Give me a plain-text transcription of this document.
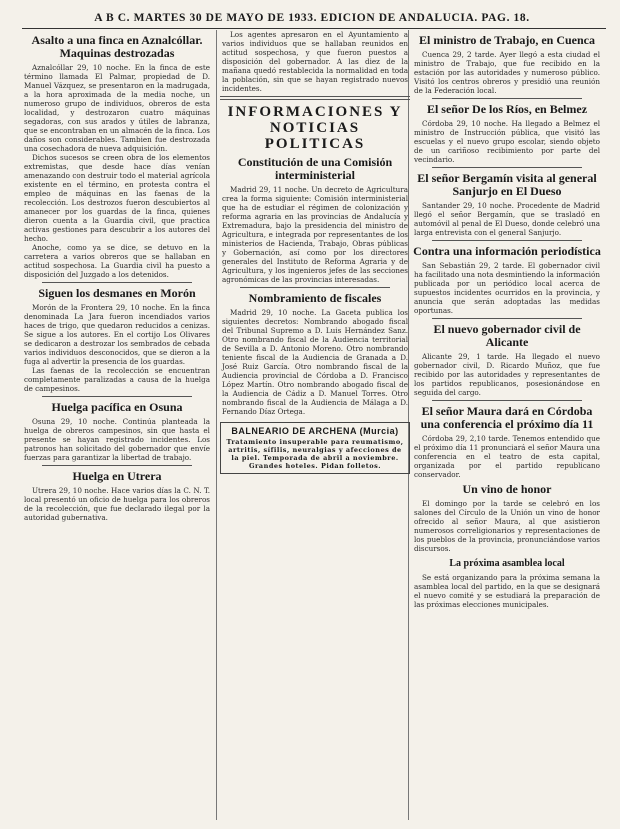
A B C. MARTES 30 DE MAYO DE 1933. EDICION DE ANDALUCIA. PAG. 18.
Asalto a una finca en Aznalcóllar. Maquinas destrozadas

Aznalcóllar 29, 10 noche. En la finca de este término llamada El Palmar, propiedad de D. Manuel Vázquez, se presentaron en la madrugada, a la hora aproximada de la media noche, un numeroso grupo de individuos, obreros de esta localidad, y destrozaron cuatro máquinas segadoras, con sus arados y útiles de labranza, que se encontraban en un almacén de la finca. Los daños son considerables. Tambien fue destrozada una cosechadora de nueva adquisición.

Dichos sucesos se creen obra de los elementos extremistas, que desde hace días venían amenazando con destruir todo el material agrícola existente en el término, en protesta contra el empleo de máquinas en las faenas de la recolección. Los destrozos fueron descubiertos al amanecer por los guardas de la finca, quienes dieron cuenta a la Guardia civil, que practica activas gestiones para descubrir a los autores del hecho.

Anoche, como ya se dice, se detuvo en la carretera a varios obreros que se hallaban en actitud sospechosa. La Guardia civil ha puesto a disposición del Juzgado a los detenidos.

Siguen los desmanes en Morón

Morón de la Frontera 29, 10 noche. En la finca denominada La Jara fueron incendiados varios haces de trigo, que quedaron reducidos a cenizas. Se sigue a los autores. En el cortijo Los Olivares se dedicaron a destrozar los sembrados de cebada varios individuos desconocidos, que se dieron a la fuga al advertir la presencia de los guardas.

Las faenas de la recolección se encuentran completamente paralizadas a causa de la huelga de campesinos.

Huelga pacífica en Osuna

Osuna 29, 10 noche. Continúa planteada la huelga de obreros campesinos, sin que hasta el presente se hayan registrado incidentes. Los patronos han solicitado del gobernador que envíe fuerzas para garantizar la libertad de trabajo.

Huelga en Utrera

Utrera 29, 10 noche. Hace varios días la C. N. T. local presentó un oficio de huelga para los obreros de la recolección, que fue declarado ilegal por la autoridad gubernativa.

Los agentes apresaron en el Ayuntamiento a varios individuos que se hallaban reunidos en actitud sospechosa, y que fueron puestos a disposición del gobernador. A las diez de la mañana quedó restablecida la normalidad en toda la población, sin que se hayan registrado nuevos incidentes.

INFORMACIONES Y NOTICIAS POLITICAS
Constitución de una Comisión interministerial

Madrid 29, 11 noche. Un decreto de Agricultura crea la forma siguiente: Comisión interministerial que ha de estudiar el régimen de colonización y reforma agraria en las provincias de Andalucía y Extremadura, bajo la presidencia del ministro de Agricultura, e integrada por representantes de los ministerios de Hacienda, Trabajo, Obras públicas y Gobernación, así como por los directores generales del Instituto de Reforma Agraria y de Agricultura, y los ingenieros jefes de las secciones agronómicas de las provincias interesadas.

Nombramiento de fiscales

Madrid 29, 10 noche. La Gaceta publica los siguientes decretos: Nombrando abogado fiscal del Tribunal Supremo a D. Luis Hernández Sanz. Otro nombrando fiscal de la Audiencia territorial de Sevilla a D. Antonio Moreno. Otro nombrando teniente fiscal de la Audiencia de Granada a D. José Ruiz García. Otro nombrando fiscal de la Audiencia provincial de Córdoba a D. Francisco López Martín. Otro nombrando abogado fiscal de la Audiencia de Cádiz a D. Manuel Torres. Otro nombrando fiscal de la Audiencia de Málaga a D. Fernando Díaz Ortega.

BALNEARIO DE ARCHENA (Murcia)
Tratamiento insuperable para reumatismo, artritis, sífilis, neuralgias y afecciones de la piel. Temporada de abril a noviembre. Grandes hoteles. Pidan folletos.
El ministro de Trabajo, en Cuenca

Cuenca 29, 2 tarde. Ayer llegó a esta ciudad el ministro de Trabajo, que fue recibido en la estación por las autoridades y numeroso público. Visitó los centros obreros y presidió una reunión de la Federación local.

El señor De los Ríos, en Belmez

Córdoba 29, 10 noche. Ha llegado a Belmez el ministro de Instrucción pública, que visitó las escuelas y el nuevo grupo escolar, siendo objeto de un cariñoso recibimiento por parte del vecindario.

El señor Bergamín visita al general Sanjurjo en El Dueso

Santander 29, 10 noche. Procedente de Madrid llegó el señor Bergamín, que se trasladó en automóvil al penal de El Dueso, donde celebró una larga entrevista con el general Sanjurjo.

Contra una información periodística

San Sebastián 29, 2 tarde. El gobernador civil ha facilitado una nota desmintiendo la información publicada por un periódico local acerca de supuestos incidentes ocurridos en la provincia, y anuncia que serán adoptadas las medidas oportunas.

El nuevo gobernador civil de Alicante

Alicante 29, 1 tarde. Ha llegado el nuevo gobernador civil, D. Ricardo Muñoz, que fue recibido por las autoridades y representantes de los partidos republicanos, posesionándose en seguida del cargo.

El señor Maura dará en Córdoba una conferencia el próximo día 11

Córdoba 29, 2,10 tarde. Tenemos entendido que el próximo día 11 pronunciará el señor Maura una conferencia en el teatro de esta capital, organizada por el partido republicano conservador.

Un vino de honor

El domingo por la tarde se celebró en los salones del Círculo de la Unión un vino de honor ofrecido al señor Maura, al que asistieron numerosos correligionarios y representaciones de los pueblos de la provincia, pronunciándose varios discursos.

La próxima asamblea local

Se está organizando para la próxima semana la asamblea local del partido, en la que se designará el nuevo comité y se estudiará la preparación de las próximas elecciones municipales.
